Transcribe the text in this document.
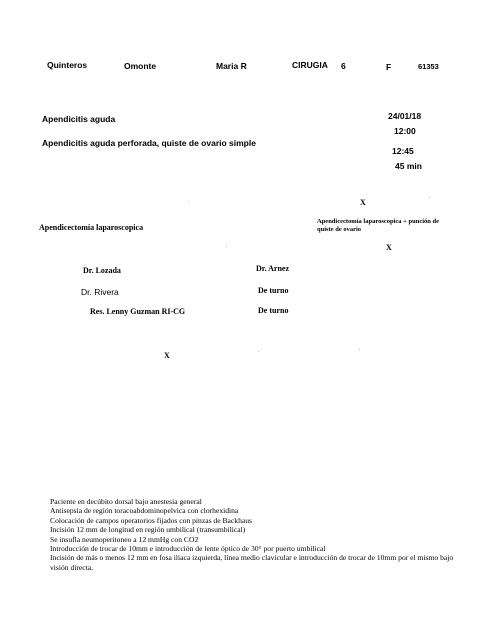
Quinteros	Omonte	Maria R	CIRUGIA 6	F	61353
Apendicitis aguda
Apendicitis aguda perforada, quiste de ovario simple
24/01/18
12:00
12:45
45 min
X
Apendicectomía laparoscopica
Apendicectomía laparoscopica + punción de quiste de ovario
X
Dr. Lozada	Dr. Arnez
Dr. Rivera	De turno
Res. Lenny Guzman RI-CG	De turno
X
Paciente en decúbito dorsal bajo anestesia general
Antisepsia de región toracoabdominopelvica con clorhexidina
Colocación de campos operatorios fijados con pinzas de Backhaus
Incisión 12 mm de longitud en región umbilical (transumbilical)
Se insufla neumoperitoneo a 12 mmHg con CO2
Introducción de trocar de 10mm e introducción de lente óptico de 30° por puerto umbilical
Incisión de más o menos 12 mm en fosa iliaca izquierda, línea medio clavicular e introducción de trocar de 10mm por el mismo bajo visión directa.
